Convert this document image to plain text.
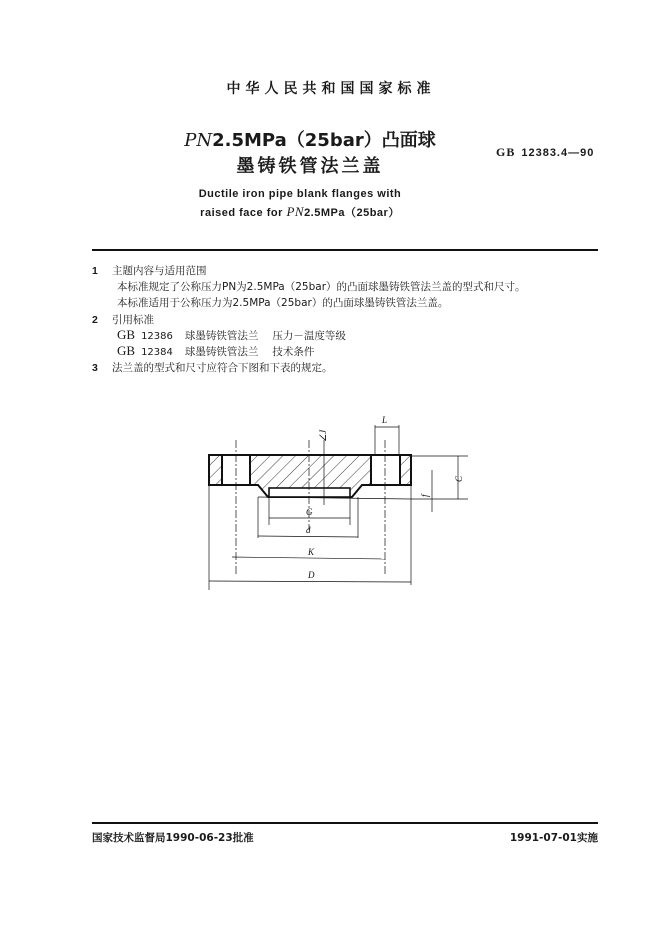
中华人民共和国国家标准
PN2.5MPa（25bar）凸面球
墨铸铁管法兰盖
GB 12383.4—90
Ductile iron pipe blank flanges with
raised face for PN2.5MPa（25bar）
1 主题内容与适用范围
本标准规定了公称压力PN为2.5MPa（25bar）的凸面球墨铸铁管法兰盖的型式和尺寸。
本标准适用于公称压力为2.5MPa（25bar）的凸面球墨铸铁管法兰盖。
2 引用标准
GB 12386 球墨铸铁管法兰 压力－温度等级
GB 12384 球墨铸铁管法兰 技术条件
3 法兰盖的型式和尺寸应符合下图和下表的规定。
L
∠J
C
f
G
d
K
D
国家技术监督局1990-06-23批准	1991-07-01实施
